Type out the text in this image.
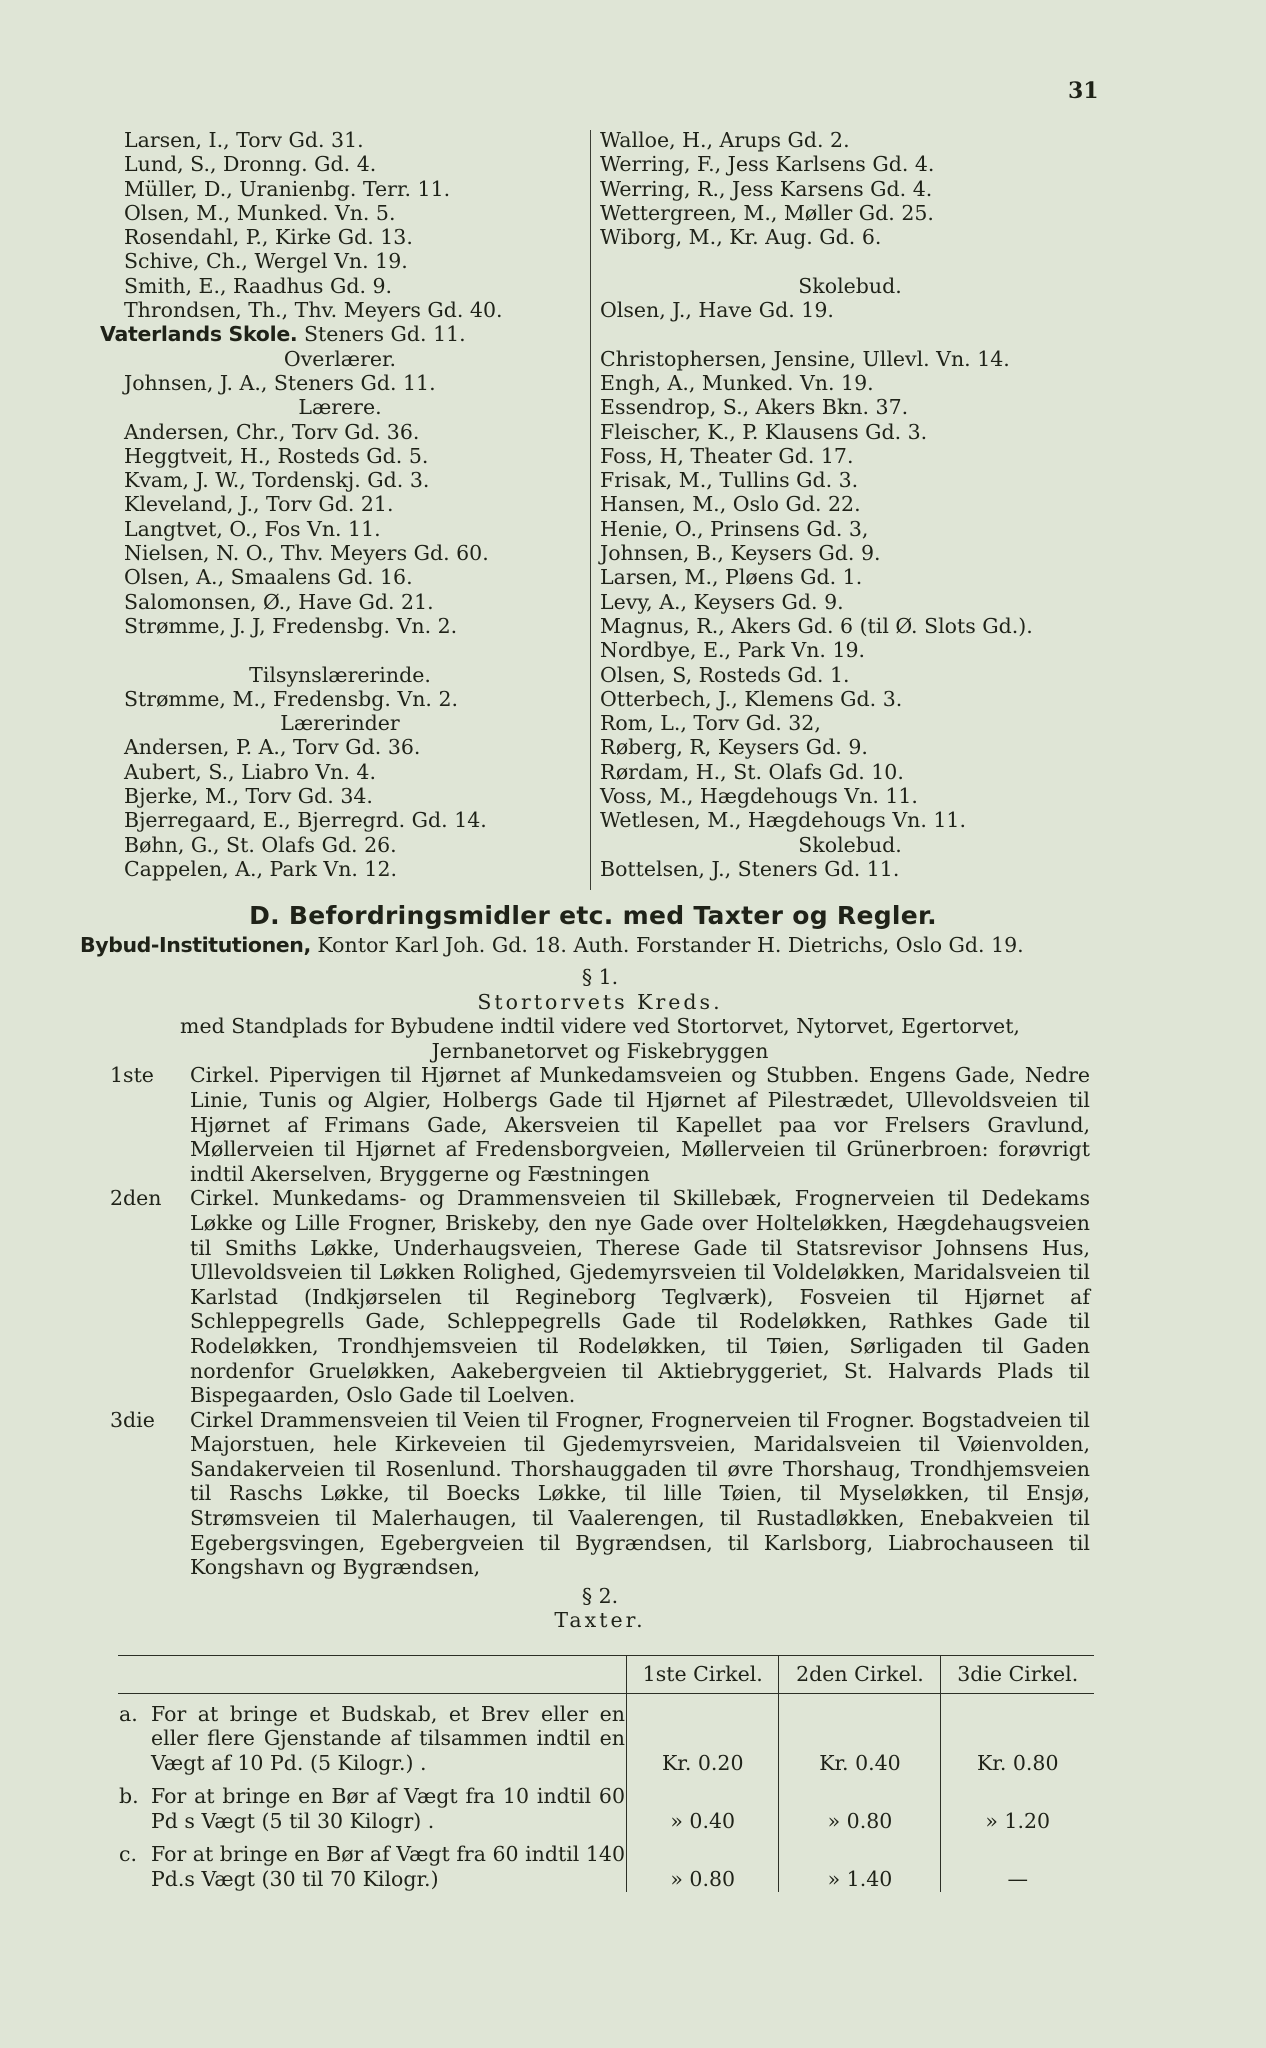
31
Larsen, I., Torv Gd. 31.
Lund, S., Dronng. Gd. 4.
Müller, D., Uranienbg. Terr. 11.
Olsen, M., Munked. Vn. 5.
Rosendahl, P., Kirke Gd. 13.
Schive, Ch., Wergel Vn. 19.
Smith, E., Raadhus Gd. 9.
Throndsen, Th., Thv. Meyers Gd. 40.
Vaterlands Skole. Steners Gd. 11.
Overlærer.
Johnsen, J. A., Steners Gd. 11.
Lærere.
Andersen, Chr., Torv Gd. 36.
Heggtveit, H., Rosteds Gd. 5.
Kvam, J. W., Tordenskj. Gd. 3.
Kleveland, J., Torv Gd. 21.
Langtvet, O., Fos Vn. 11.
Nielsen, N. O., Thv. Meyers Gd. 60.
Olsen, A., Smaalens Gd. 16.
Salomonsen, Ø., Have Gd. 21.
Strømme, J. J, Fredensbg. Vn. 2.
Tilsynslærerinde.
Strømme, M., Fredensbg. Vn. 2.
Lærerinder
Andersen, P. A., Torv Gd. 36.
Aubert, S., Liabro Vn. 4.
Bjerke, M., Torv Gd. 34.
Bjerregaard, E., Bjerregrd. Gd. 14.
Bøhn, G., St. Olafs Gd. 26.
Cappelen, A., Park Vn. 12.
Walloe, H., Arups Gd. 2.
Werring, F., Jess Karlsens Gd. 4.
Werring, R., Jess Karsens Gd. 4.
Wettergreen, M., Møller Gd. 25.
Wiborg, M., Kr. Aug. Gd. 6.
Skolebud.
Olsen, J., Have Gd. 19.
Christophersen, Jensine, Ullevl. Vn. 14.
Engh, A., Munked. Vn. 19.
Essendrop, S., Akers Bkn. 37.
Fleischer, K., P. Klausens Gd. 3.
Foss, H, Theater Gd. 17.
Frisak, M., Tullins Gd. 3.
Hansen, M., Oslo Gd. 22.
Henie, O., Prinsens Gd. 3,
Johnsen, B., Keysers Gd. 9.
Larsen, M., Pløens Gd. 1.
Levy, A., Keysers Gd. 9.
Magnus, R., Akers Gd. 6 (til Ø. Slots Gd.).
Nordbye, E., Park Vn. 19.
Olsen, S, Rosteds Gd. 1.
Otterbech, J., Klemens Gd. 3.
Rom, L., Torv Gd. 32,
Røberg, R, Keysers Gd. 9.
Rørdam, H., St. Olafs Gd. 10.
Voss, M., Hægdehougs Vn. 11.
Wetlesen, M., Hægdehougs Vn. 11.
Skolebud.
Bottelsen, J., Steners Gd. 11.
D. Befordringsmidler etc. med Taxter og Regler.
Bybud-Institutionen, Kontor Karl Joh. Gd. 18. Auth. Forstander H. Dietrichs, Oslo Gd. 19.
§ 1.
Stortorvets Kreds.
med Standplads for Bybudene indtil videre ved Stortorvet, Nytorvet, Egertorvet,
Jernbanetorvet og Fiskebryggen
1ste	Cirkel. Pipervigen til Hjørnet af Munkedamsveien og Stubben. Engens Gade, Nedre Linie, Tunis og Algier, Holbergs Gade til Hjørnet af Pilestrædet, Ullevoldsveien til Hjørnet af Frimans Gade, Akersveien til Kapellet paa vor Frelsers Gravlund, Møllerveien til Hjørnet af Fredensborgveien, Møllerveien til Grünerbroen: forøvrigt indtil Akerselven, Bryggerne og Fæstningen
2den	Cirkel. Munkedams- og Drammensveien til Skillebæk, Frognerveien til Dedekams Løkke og Lille Frogner, Briskeby, den nye Gade over Holteløkken, Hægdehaugsveien til Smiths Løkke, Underhaugsveien, Therese Gade til Statsrevisor Johnsens Hus, Ullevoldsveien til Løkken Rolighed, Gjedemyrsveien til Voldeløkken, Maridalsveien til Karlstad (Indkjørselen til Regineborg Teglværk), Fosveien til Hjørnet af Schleppegrells Gade, Schleppegrells Gade til Rodeløkken, Rathkes Gade til Rodeløkken, Trondhjemsveien til Rodeløkken, til Tøien, Sørligaden til Gaden nordenfor Grueløkken, Aakebergveien til Aktiebryggeriet, St. Halvards Plads til Bispegaarden, Oslo Gade til Loelven.
3die	Cirkel Drammensveien til Veien til Frogner, Frognerveien til Frogner. Bogstadveien til Majorstuen, hele Kirkeveien til Gjedemyrsveien, Maridalsveien til Vøienvolden, Sandakerveien til Rosenlund. Thorshauggaden til øvre Thorshaug, Trondhjemsveien til Raschs Løkke, til Boecks Løkke, til lille Tøien, til Myseløkken, til Ensjø, Strømsveien til Malerhaugen, til Vaalerengen, til Rustadløkken, Enebakveien til Egebergsvingen, Egebergveien til Bygrændsen, til Karlsborg, Liabrochauseen til Kongshavn og Bygrændsen,
§ 2.
Taxter.
	1ste Cirkel.	2den Cirkel.	3die Cirkel.

a. For at bringe et Budskab, et Brev eller en eller flere Gjenstande af tilsammen indtil en Vægt af 10 Pd. (5 Kilogr.) .	Kr. 0.20	Kr. 0.40	Kr. 0.80

b. For at bringe en Bør af Vægt fra 10 indtil 60 Pd s Vægt (5 til 30 Kilogr) .	» 0.40	» 0.80	» 1.20

c. For at bringe en Bør af Vægt fra 60 indtil 140 Pd.s Vægt (30 til 70 Kilogr.)	» 0.80	» 1.40	—
